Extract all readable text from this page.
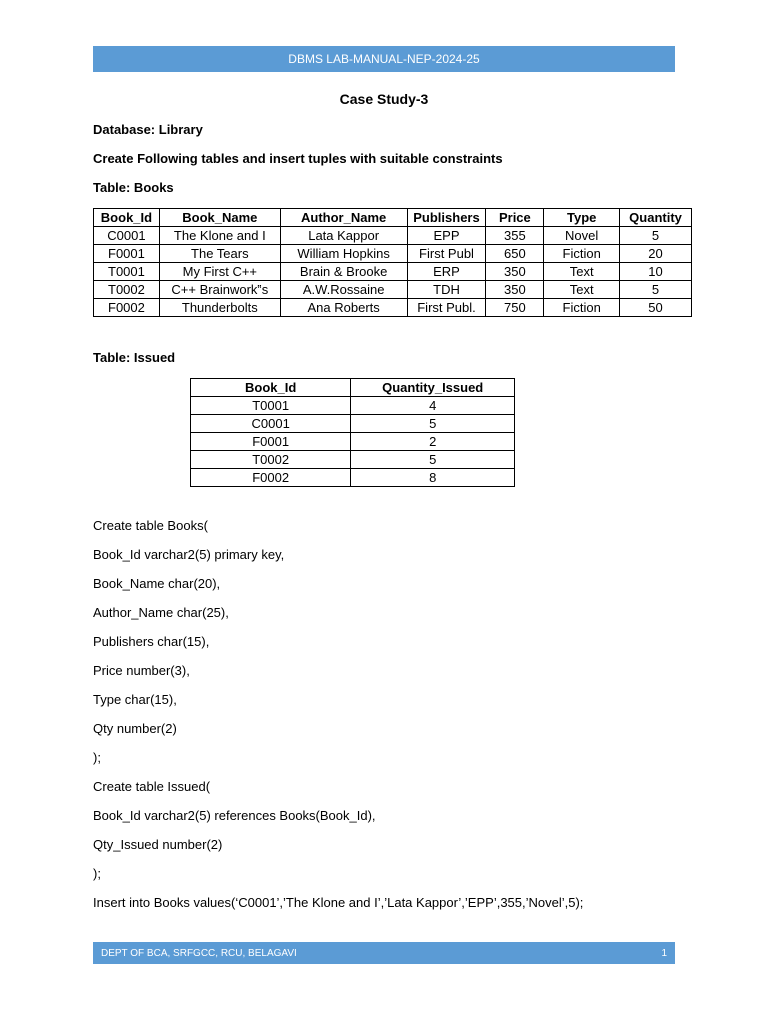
DBMS LAB-MANUAL-NEP-2024-25
Case Study-3
Database: Library
Create Following tables and insert tuples with suitable constraints
Table: Books
Book_Id	Book_Name	Author_Name	Publishers	Price	Type	Quantity
C0001	The Klone and I	Lata Kappor	EPP	355	Novel	5
F0001	The Tears	William Hopkins	First Publ	650	Fiction	20
T0001	My First C++	Brain & Brooke	ERP	350	Text	10
T0002	C++ Brainwork‟s	A.W.Rossaine	TDH	350	Text	5
F0002	Thunderbolts	Ana Roberts	First Publ.	750	Fiction	50
Table: Issued
Book_Id	Quantity_Issued
T0001	4
C0001	5
F0001	2
T0002	5
F0002	8
Create table Books(
Book_Id varchar2(5) primary key,
Book_Name char(20),
Author_Name char(25),
Publishers char(15),
Price number(3),
Type char(15),
Qty number(2)
);
Create table Issued(
Book_Id varchar2(5) references Books(Book_Id),
Qty_Issued number(2)
);
Insert into Books values(‘C0001’,’The Klone and I’,’Lata Kappor’,’EPP’,355,’Novel’,5);
DEPT OF BCA, SRFGCC, RCU, BELAGAVI	1
